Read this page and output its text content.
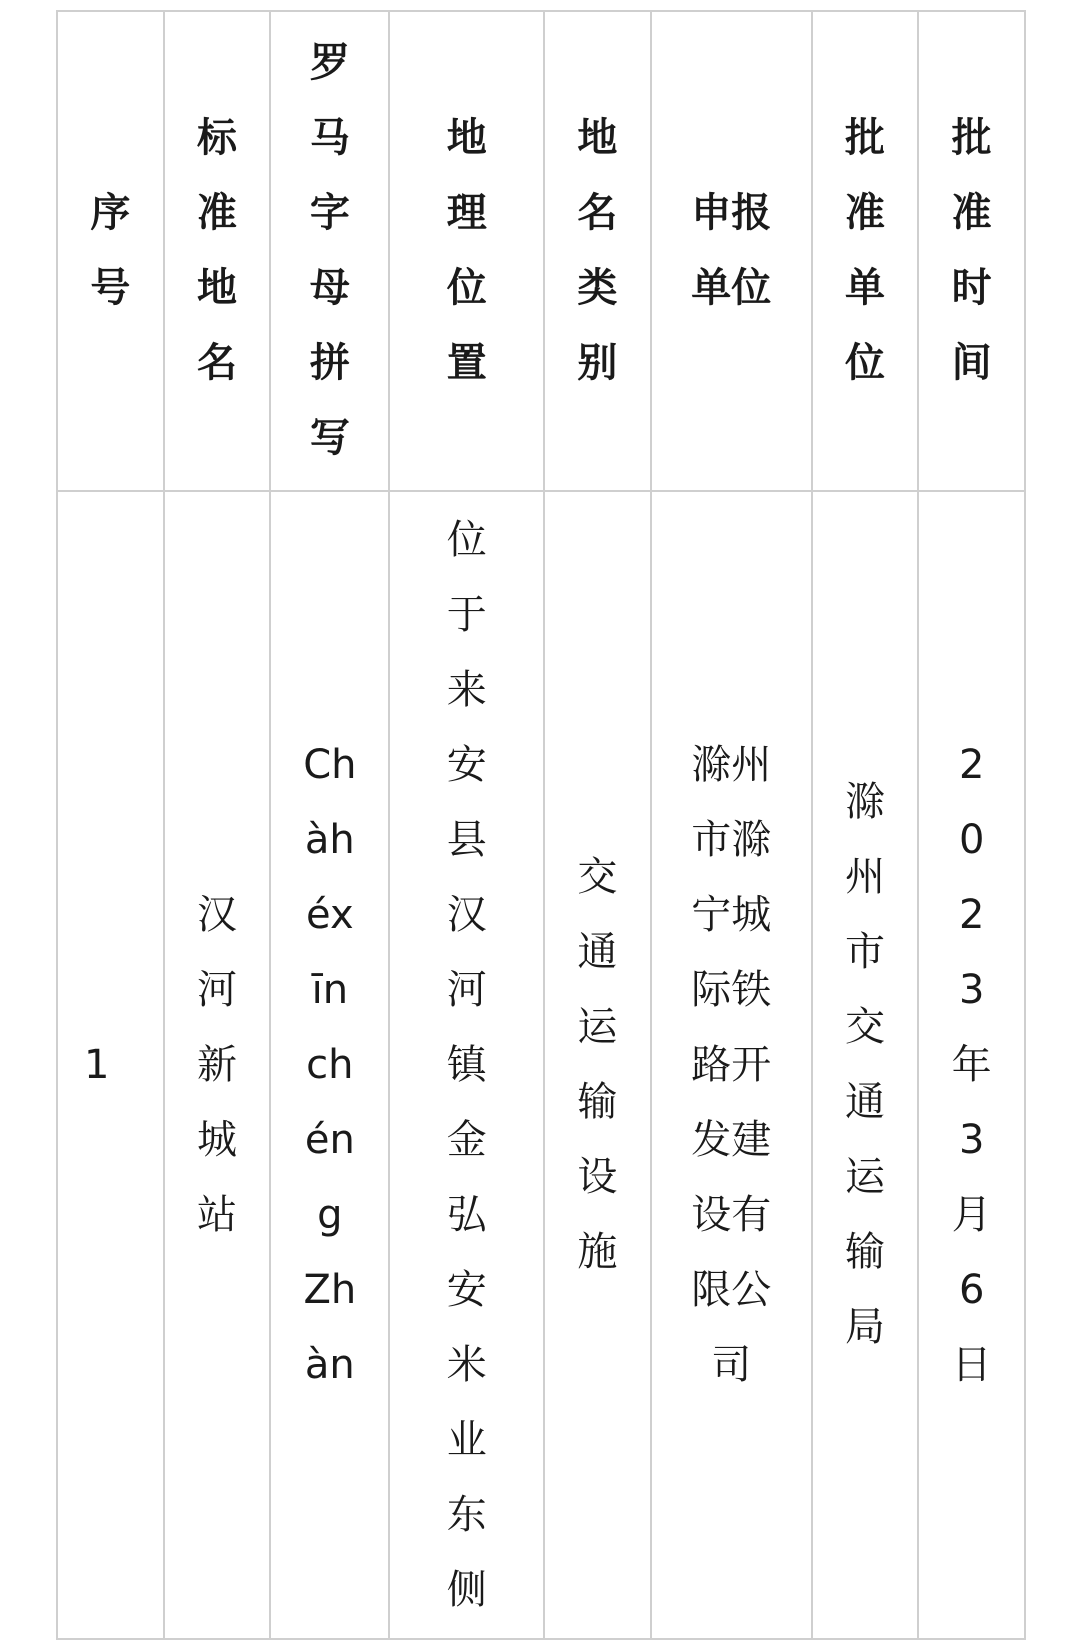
序号	标准地名	罗马字母拼写	地理位置	地名类别	申报单位	批准单位	批准时间

1	汉河新城站	Chàhéxīnchéng Zhàn	位于来安县汉河镇金弘安米业东侧	交通运输设施	滁州市滁宁城际铁路开发建设有限公司	滁州市交通运输局	2023年3月6日
